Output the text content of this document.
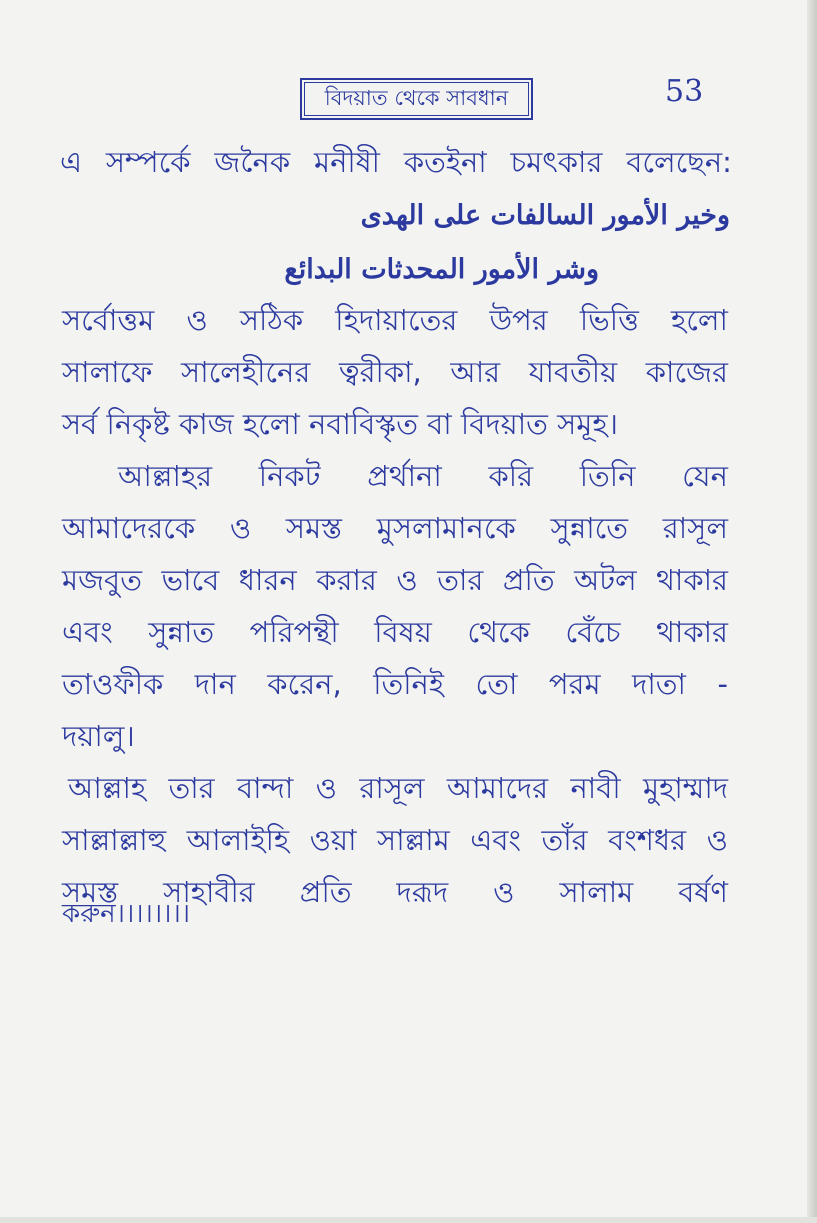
বিদয়াত থেকে সাবধান	53
এ সম্পর্কে জনৈক মনীষী কতইনা চমৎকার বলেছেন:
وخير الأمور السالفات على الهدى
وشر الأمور المحدثات البدائع
সর্বোত্তম ও সঠিক হিদায়াতের উপর ভিত্তি হলো
সালাফে সালেহীনের ত্বরীকা, আর যাবতীয় কাজের
সর্ব নিকৃষ্ট কাজ হলো নবাবিস্কৃত বা বিদয়াত সমূহ।
আল্লাহর নিকট প্রর্থানা করি তিনি যেন
আমাদেরকে ও সমস্ত মুসলামানকে সুন্নাতে রাসূল
মজবুত ভাবে ধারন করার ও তার প্রতি অটল থাকার
এবং সুন্নাত পরিপন্থী বিষয় থেকে বেঁচে থাকার
তাওফীক দান করেন, তিনিই তো পরম দাতা -
দয়ালু।
আল্লাহ তার বান্দা ও রাসূল আমাদের নাবী মুহাম্মাদ
সাল্লাল্লাহু আলাইহি ওয়া সাল্লাম এবং তাঁর বংশধর ও
সমস্ত সাহাবীর প্রতি দরূদ ও সালাম বর্ষণ
করুন।।।।।।।।
